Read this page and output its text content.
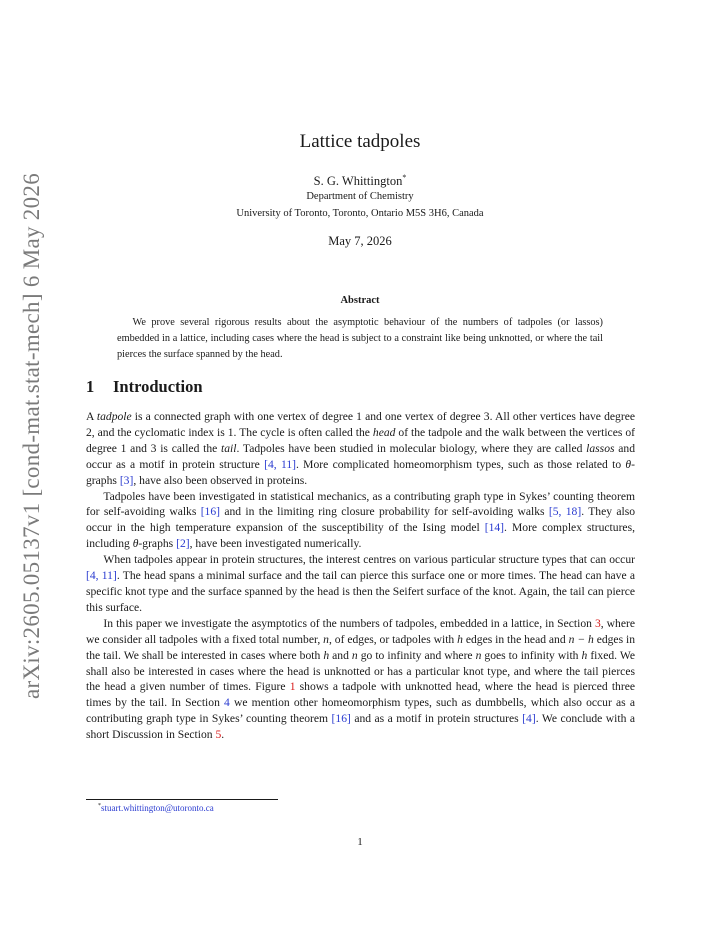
arXiv:2605.05137v1 [cond-mat.stat-mech] 6 May 2026
Lattice tadpoles
S. G. Whittington*
Department of Chemistry
University of Toronto, Toronto, Ontario M5S 3H6, Canada
May 7, 2026
Abstract
We prove several rigorous results about the asymptotic behaviour of the numbers of tadpoles (or lassos) embedded in a lattice, including cases where the head is subject to a constraint like being unknotted, or where the tail pierces the surface spanned by the head.
1 Introduction

A tadpole is a connected graph with one vertex of degree 1 and one vertex of degree 3. All other vertices have degree 2, and the cyclomatic index is 1. The cycle is often called the head of the tadpole and the walk between the vertices of degree 1 and 3 is called the tail. Tadpoles have been studied in molecular biology, where they are called lassos and occur as a motif in protein structure [4, 11]. More complicated homeomorphism types, such as those related to θ-graphs [3], have also been observed in proteins.

Tadpoles have been investigated in statistical mechanics, as a contributing graph type in Sykes’ counting theorem for self-avoiding walks [16] and in the limiting ring closure probability for self-avoiding walks [5, 18]. They also occur in the high temperature expansion of the susceptibility of the Ising model [14]. More complex structures, including θ-graphs [2], have been investigated numerically.

When tadpoles appear in protein structures, the interest centres on various particular structure types that can occur [4, 11]. The head spans a minimal surface and the tail can pierce this surface one or more times. The head can have a specific knot type and the surface spanned by the head is then the Seifert surface of the knot. Again, the tail can pierce this surface.

In this paper we investigate the asymptotics of the numbers of tadpoles, embedded in a lattice, in Section 3, where we consider all tadpoles with a fixed total number, n, of edges, or tadpoles with h edges in the head and n − h edges in the tail. We shall be interested in cases where both h and n go to infinity and where n goes to infinity with h fixed. We shall also be interested in cases where the head is unknotted or has a particular knot type, and where the tail pierces the head a given number of times. Figure 1 shows a tadpole with unknotted head, where the head is pierced three times by the tail. In Section 4 we mention other homeomorphism types, such as dumbbells, which also occur as a contributing graph type in Sykes’ counting theorem [16] and as a motif in protein structures [4]. We conclude with a short Discussion in Section 5.

*stuart.whittington@utoronto.ca
1
